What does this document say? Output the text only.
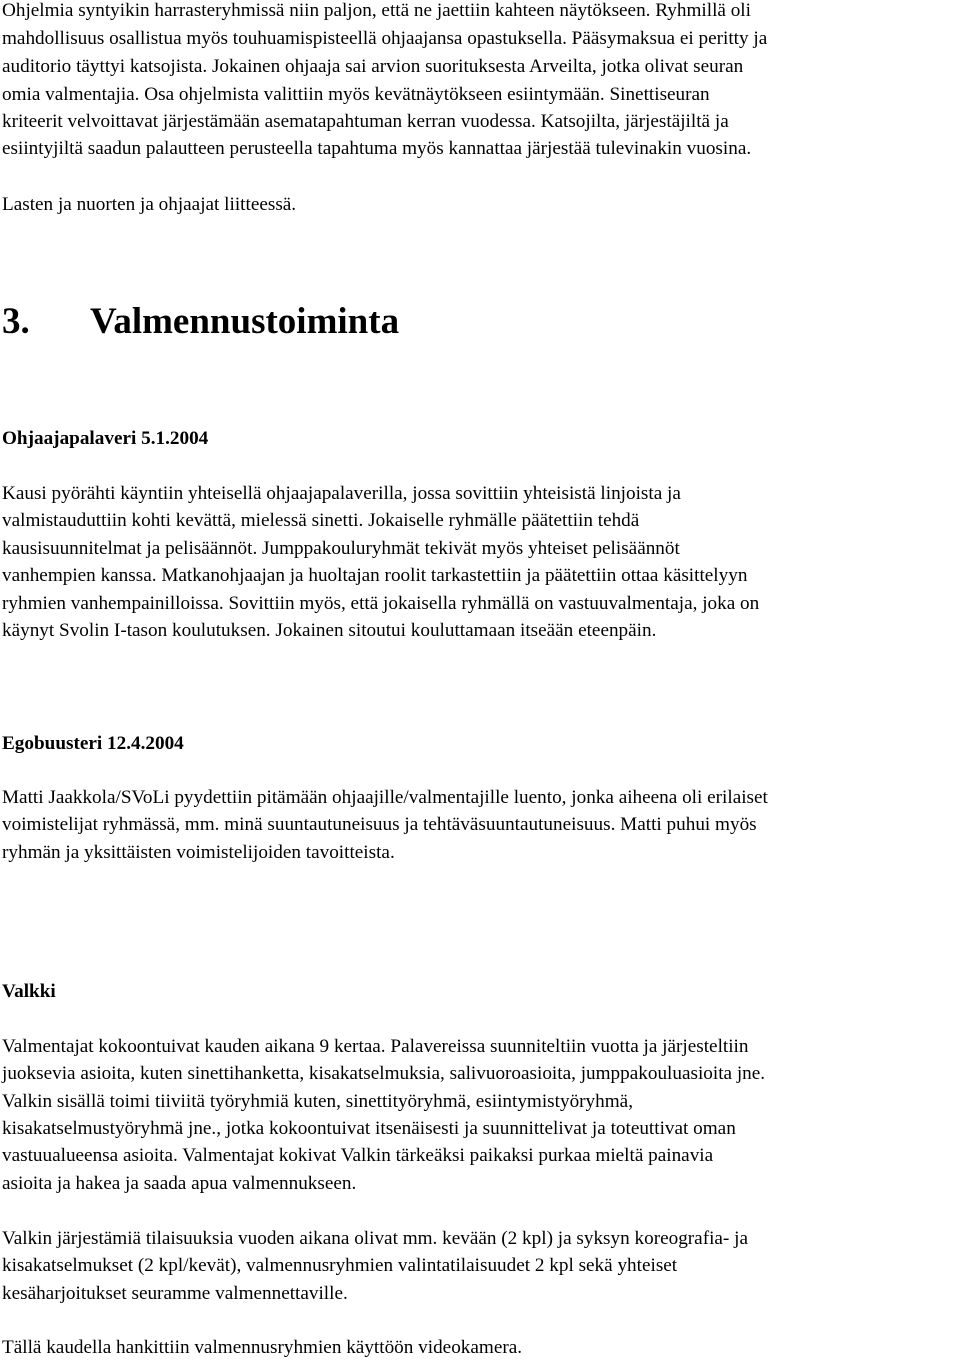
Ohjelmia syntyikin harrasteryhmissä niin paljon, että ne jaettiin kahteen näytökseen. Ryhmillä oli
mahdollisuus osallistua myös touhuamispisteellä ohjaajansa opastuksella. Pääsymaksua ei peritty ja
auditorio täyttyi katsojista. Jokainen ohjaaja sai arvion suorituksesta Arveilta, jotka olivat seuran
omia valmentajia. Osa ohjelmista valittiin myös kevätnäytökseen esiintymään. Sinettiseuran
kriteerit velvoittavat järjestämään asematapahtuman kerran vuodessa. Katsojilta, järjestäjiltä ja
esiintyjiltä saadun palautteen perusteella tapahtuma myös kannattaa järjestää tulevinakin vuosina.
Lasten ja nuorten ja ohjaajat liitteessä.
3. Valmennustoiminta
Ohjaajapalaveri 5.1.2004
Kausi pyörähti käyntiin yhteisellä ohjaajapalaverilla, jossa sovittiin yhteisistä linjoista ja
valmistauduttiin kohti kevättä, mielessä sinetti. Jokaiselle ryhmälle päätettiin tehdä
kausisuunnitelmat ja pelisäännöt. Jumppakouluryhmät tekivät myös yhteiset pelisäännöt
vanhempien kanssa. Matkanohjaajan ja huoltajan roolit tarkastettiin ja päätettiin ottaa käsittelyyn
ryhmien vanhempainilloissa. Sovittiin myös, että jokaisella ryhmällä on vastuuvalmentaja, joka on
käynyt Svolin I-tason koulutuksen. Jokainen sitoutui kouluttamaan itseään eteenpäin.
Egobuusteri 12.4.2004
Matti Jaakkola/SVoLi pyydettiin pitämään ohjaajille/valmentajille luento, jonka aiheena oli erilaiset
voimistelijat ryhmässä, mm. minä suuntautuneisuus ja tehtäväsuuntautuneisuus. Matti puhui myös
ryhmän ja yksittäisten voimistelijoiden tavoitteista.
Valkki
Valmentajat kokoontuivat kauden aikana 9 kertaa. Palavereissa suunniteltiin vuotta ja järjesteltiin
juoksevia asioita, kuten sinettihanketta, kisakatselmuksia, salivuoroasioita, jumppakouluasioita jne.
Valkin sisällä toimi tiiviitä työryhmiä kuten, sinettityöryhmä, esiintymistyöryhmä,
kisakatselmustyöryhmä jne., jotka kokoontuivat itsenäisesti ja suunnittelivat ja toteuttivat oman
vastuualueensa asioita. Valmentajat kokivat Valkin tärkeäksi paikaksi purkaa mieltä painavia
asioita ja hakea ja saada apua valmennukseen.
Valkin järjestämiä tilaisuuksia vuoden aikana olivat mm. kevään (2 kpl) ja syksyn koreografia- ja
kisakatselmukset (2 kpl/kevät), valmennusryhmien valintatilaisuudet 2 kpl sekä yhteiset
kesäharjoitukset seuramme valmennettaville.
Tällä kaudella hankittiin valmennusryhmien käyttöön videokamera.
